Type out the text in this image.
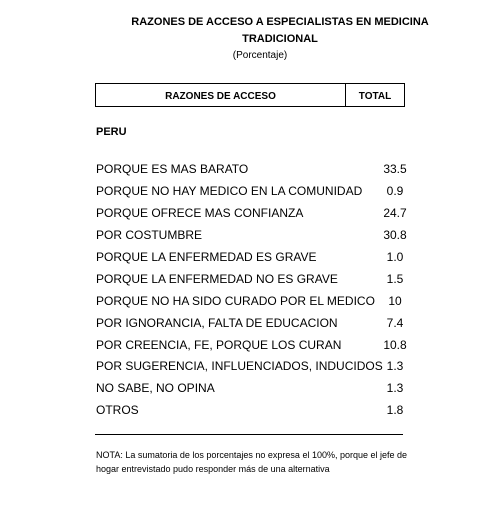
RAZONES DE ACCESO A ESPECIALISTAS EN MEDICINA TRADICIONAL
(Porcentaje)
RAZONES DE ACCESO	TOTAL
PERU
PORQUE ES MAS BARATO	33.5
PORQUE NO HAY MEDICO EN LA COMUNIDAD	0.9
PORQUE OFRECE MAS CONFIANZA	24.7
POR COSTUMBRE	30.8
PORQUE LA ENFERMEDAD ES GRAVE	1.0
PORQUE LA ENFERMEDAD NO ES GRAVE	1.5
PORQUE NO HA SIDO CURADO POR EL MEDICO	10
POR IGNORANCIA, FALTA DE EDUCACION	7.4
POR CREENCIA, FE, PORQUE LOS CURAN	10.8
POR SUGERENCIA, INFLUENCIADOS, INDUCIDOS 1.3
NO SABE, NO OPINA	1.3
OTROS	1.8
NOTA: La sumatoria de los porcentajes no expresa el 100%, porque el jefe de hogar entrevistado pudo responder más de una alternativa
